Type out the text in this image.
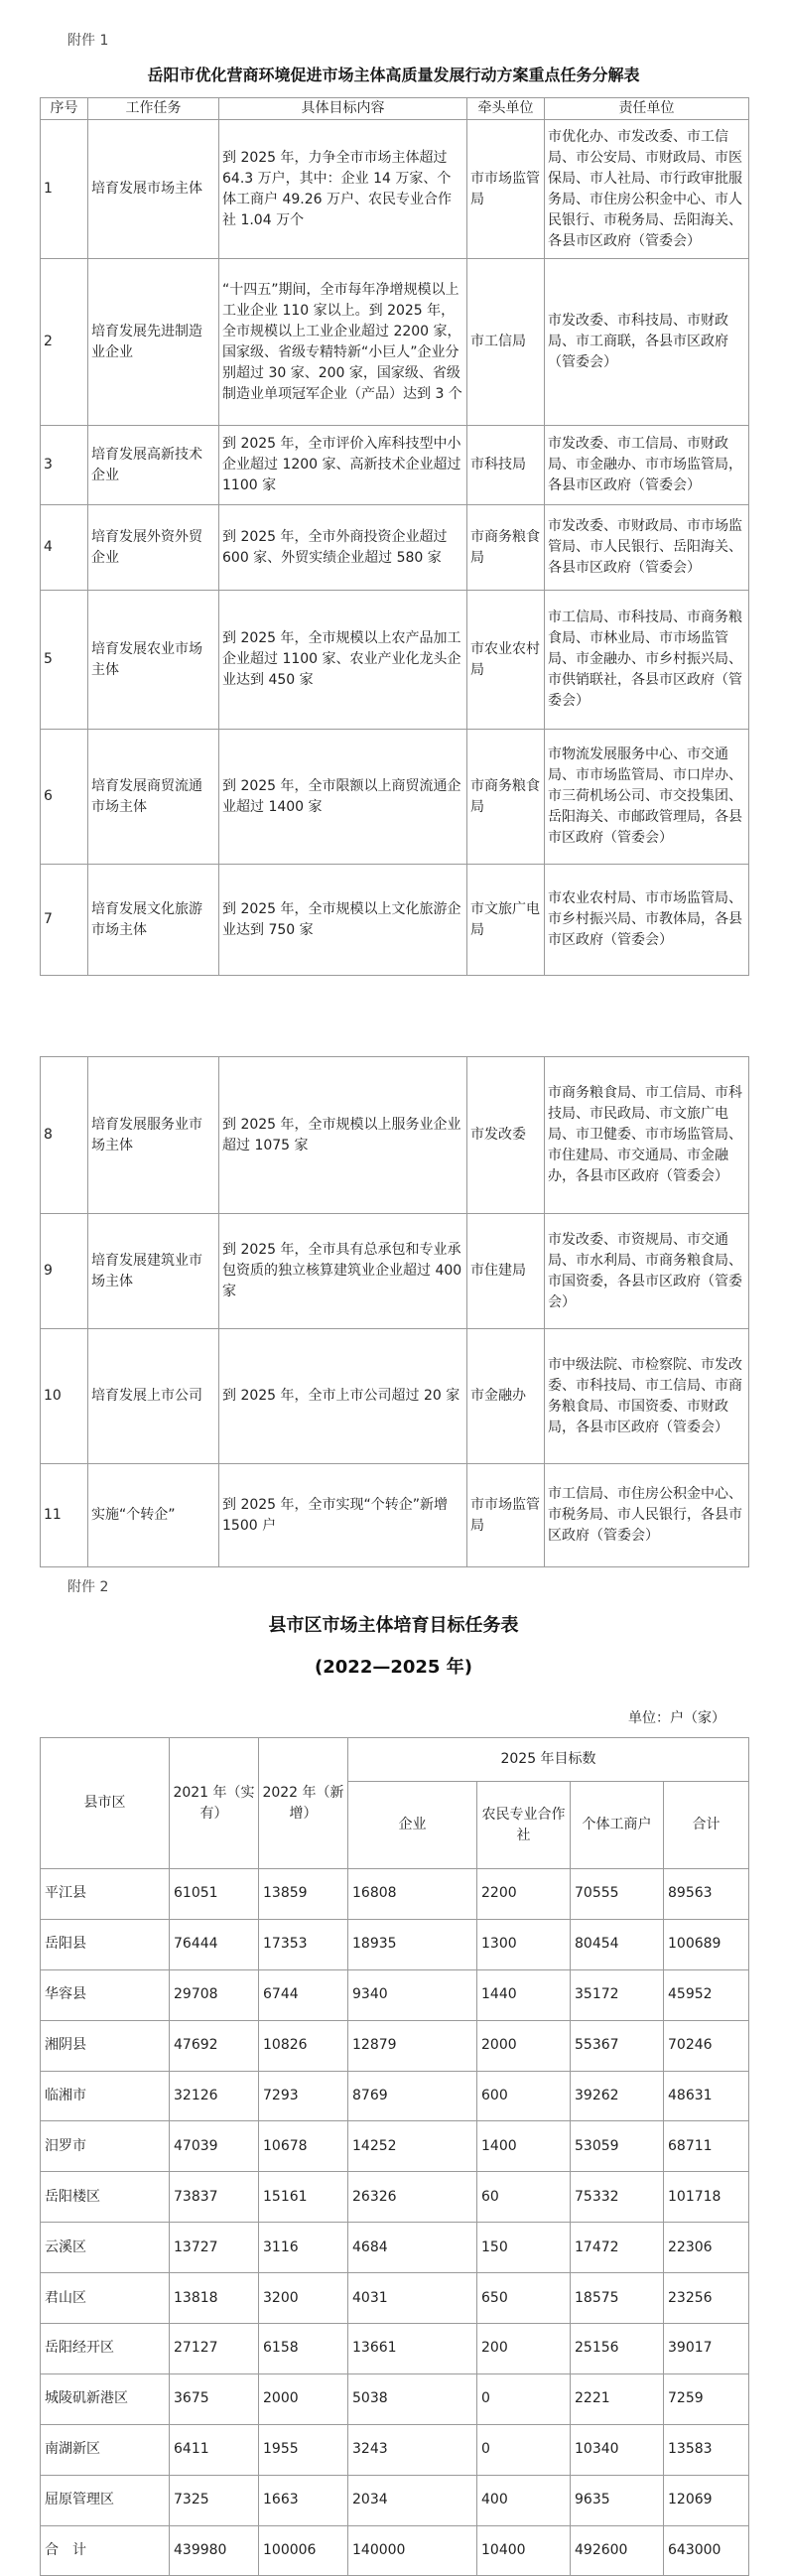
附件 1
岳阳市优化营商环境促进市场主体高质量发展行动方案重点任务分解表
序号	工作任务	具体目标内容	牵头单位	责任单位
1	培育发展市场主体	到 2025 年，力争全市市场主体超过 64.3 万户，其中：企业 14 万家、个体工商户 49.26 万户、农民专业合作社 1.04 万个	市市场监管局	市优化办、市发改委、市工信局、市公安局、市财政局、市医保局、市人社局、市行政审批服务局、市住房公积金中心、市人民银行、市税务局、岳阳海关、各县市区政府（管委会）
2	培育发展先进制造业企业	“十四五”期间，全市每年净增规模以上工业企业 110 家以上。到 2025 年，全市规模以上工业企业超过 2200 家，国家级、省级专精特新“小巨人”企业分别超过 30 家、200 家，国家级、省级制造业单项冠军企业（产品）达到 3 个	市工信局	市发改委、市科技局、市财政局、市工商联，各县市区政府（管委会）
3	培育发展高新技术企业	到 2025 年，全市评价入库科技型中小企业超过 1200 家、高新技术企业超过 1100 家	市科技局	市发改委、市工信局、市财政局、市金融办、市市场监管局，各县市区政府（管委会）
4	培育发展外资外贸企业	到 2025 年，全市外商投资企业超过 600 家、外贸实绩企业超过 580 家	市商务粮食局	市发改委、市财政局、市市场监管局、市人民银行、岳阳海关、各县市区政府（管委会）
5	培育发展农业市场主体	到 2025 年，全市规模以上农产品加工企业超过 1100 家、农业产业化龙头企业达到 450 家	市农业农村局	市工信局、市科技局、市商务粮食局、市林业局、市市场监管局、市金融办、市乡村振兴局、市供销联社，各县市区政府（管委会）
6	培育发展商贸流通市场主体	到 2025 年，全市限额以上商贸流通企业超过 1400 家	市商务粮食局	市物流发展服务中心、市交通局、市市场监管局、市口岸办、市三荷机场公司、市交投集团、岳阳海关、市邮政管理局，各县市区政府（管委会）
7	培育发展文化旅游市场主体	到 2025 年，全市规模以上文化旅游企业达到 750 家	市文旅广电局	市农业农村局、市市场监管局、市乡村振兴局、市教体局，各县市区政府（管委会）
8	培育发展服务业市场主体	到 2025 年，全市规模以上服务业企业超过 1075 家	市发改委	市商务粮食局、市工信局、市科技局、市民政局、市文旅广电局、市卫健委、市市场监管局、市住建局、市交通局、市金融办，各县市区政府（管委会）
9	培育发展建筑业市场主体	到 2025 年，全市具有总承包和专业承包资质的独立核算建筑业企业超过 400 家	市住建局	市发改委、市资规局、市交通局、市水利局、市商务粮食局、市国资委，各县市区政府（管委会）
10	培育发展上市公司	到 2025 年，全市上市公司超过 20 家	市金融办	市中级法院、市检察院、市发改委、市科技局、市工信局、市商务粮食局、市国资委、市财政局，各县市区政府（管委会）
11	实施“个转企”	到 2025 年，全市实现“个转企”新增 1500 户	市市场监管局	市工信局、市住房公积金中心、市税务局、市人民银行，各县市区政府（管委会）
附件 2
县市区市场主体培育目标任务表
(2022—2025 年)
单位：户（家）
县市区	2021 年（实有）	2022 年（新增）	2025 年目标数			
			企业	农民专业合作社	个体工商户	合计
平江县	61051	13859	16808	2200	70555	89563
岳阳县	76444	17353	18935	1300	80454	100689
华容县	29708	6744	9340	1440	35172	45952
湘阴县	47692	10826	12879	2000	55367	70246
临湘市	32126	7293	8769	600	39262	48631
汨罗市	47039	10678	14252	1400	53059	68711
岳阳楼区	73837	15161	26326	60	75332	101718
云溪区	13727	3116	4684	150	17472	22306
君山区	13818	3200	4031	650	18575	23256
岳阳经开区	27127	6158	13661	200	25156	39017
城陵矶新港区	3675	2000	5038	0	2221	7259
南湖新区	6411	1955	3243	0	10340	13583
屈原管理区	7325	1663	2034	400	9635	12069
合　计	439980	100006	140000	10400	492600	643000
